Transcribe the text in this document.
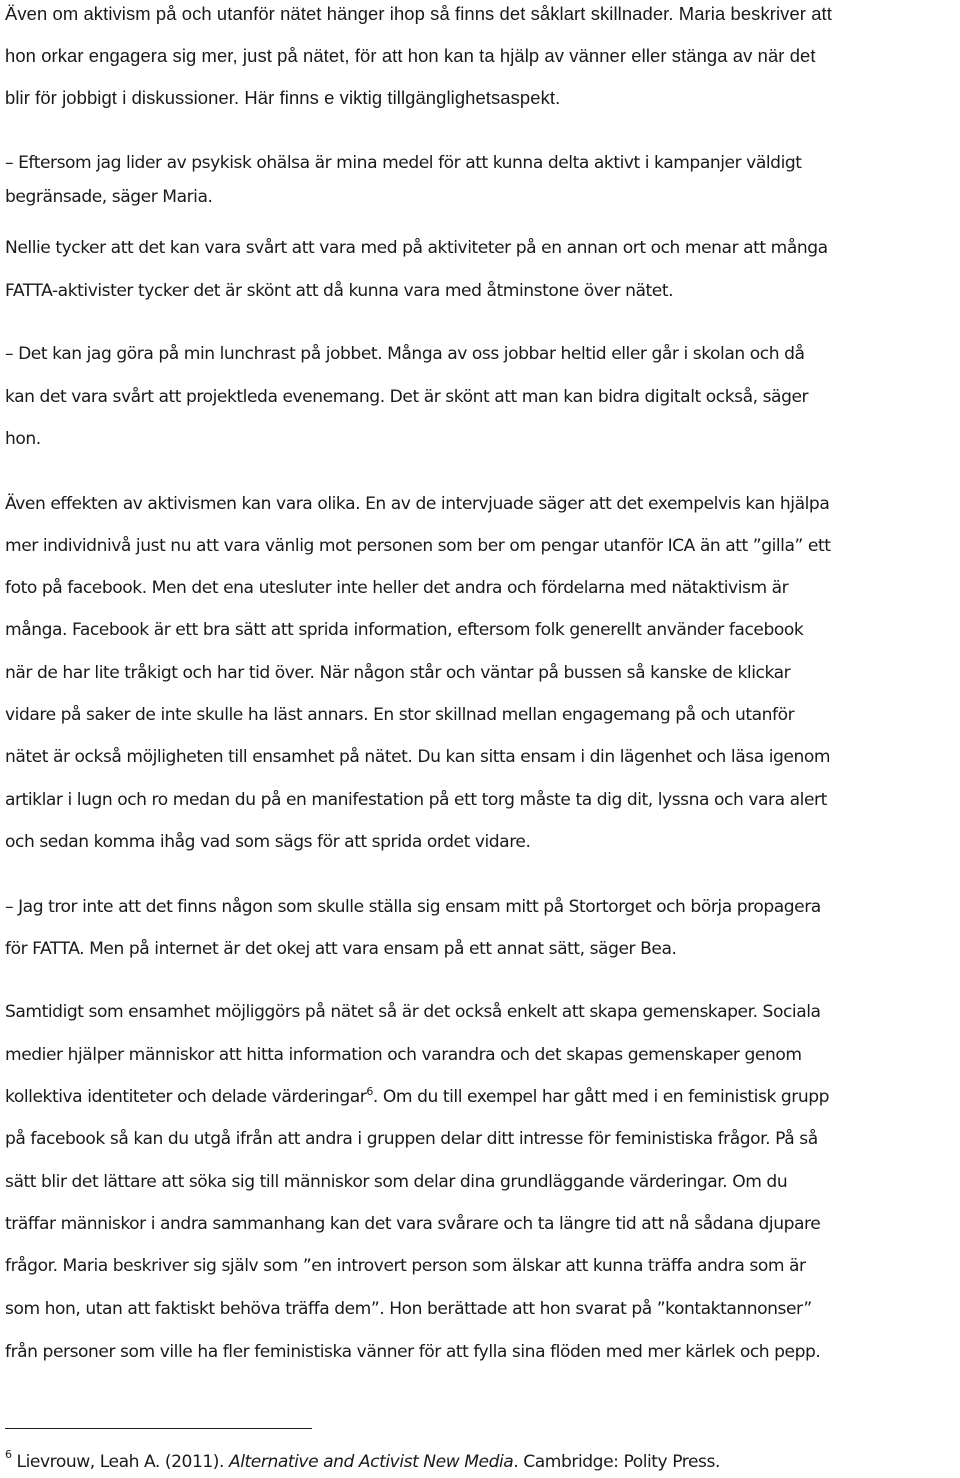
Även om aktivism på och utanför nätet hänger ihop så finns det såklart skillnader. Maria beskriver att
hon orkar engagera sig mer, just på nätet, för att hon kan ta hjälp av vänner eller stänga av när det
blir för jobbigt i diskussioner. Här finns e viktig tillgänglighetsaspekt.
– Eftersom jag lider av psykisk ohälsa är mina medel för att kunna delta aktivt i kampanjer väldigt
begränsade, säger Maria.
Nellie tycker att det kan vara svårt att vara med på aktiviteter på en annan ort och menar att många
FATTA-aktivister tycker det är skönt att då kunna vara med åtminstone över nätet.
– Det kan jag göra på min lunchrast på jobbet. Många av oss jobbar heltid eller går i skolan och då
kan det vara svårt att projektleda evenemang. Det är skönt att man kan bidra digitalt också, säger
hon.
Även effekten av aktivismen kan vara olika. En av de intervjuade säger att det exempelvis kan hjälpa
mer individnivå just nu att vara vänlig mot personen som ber om pengar utanför ICA än att ”gilla” ett
foto på facebook. Men det ena utesluter inte heller det andra och fördelarna med nätaktivism är
många. Facebook är ett bra sätt att sprida information, eftersom folk generellt använder facebook
när de har lite tråkigt och har tid över. När någon står och väntar på bussen så kanske de klickar
vidare på saker de inte skulle ha läst annars. En stor skillnad mellan engagemang på och utanför
nätet är också möjligheten till ensamhet på nätet. Du kan sitta ensam i din lägenhet och läsa igenom
artiklar i lugn och ro medan du på en manifestation på ett torg måste ta dig dit, lyssna och vara alert
och sedan komma ihåg vad som sägs för att sprida ordet vidare.
– Jag tror inte att det finns någon som skulle ställa sig ensam mitt på Stortorget och börja propagera
för FATTA. Men på internet är det okej att vara ensam på ett annat sätt, säger Bea.
Samtidigt som ensamhet möjliggörs på nätet så är det också enkelt att skapa gemenskaper. Sociala
medier hjälper människor att hitta information och varandra och det skapas gemenskaper genom
kollektiva identiteter och delade värderingar$^6$. Om du till exempel har gått med i en feministisk grupp
på facebook så kan du utgå ifrån att andra i gruppen delar ditt intresse för feministiska frågor. På så
sätt blir det lättare att söka sig till människor som delar dina grundläggande värderingar. Om du
träffar människor i andra sammanhang kan det vara svårare och ta längre tid att nå sådana djupare
frågor. Maria beskriver sig själv som ”en introvert person som älskar att kunna träffa andra som är
som hon, utan att faktiskt behöva träffa dem”. Hon berättade att hon svarat på ”kontaktannonser”
från personer som ville ha fler feministiska vänner för att fylla sina flöden med mer kärlek och pepp.
$^6$ Lievrouw, Leah A. (2011). Alternative and Activist New Media. Cambridge: Polity Press.
